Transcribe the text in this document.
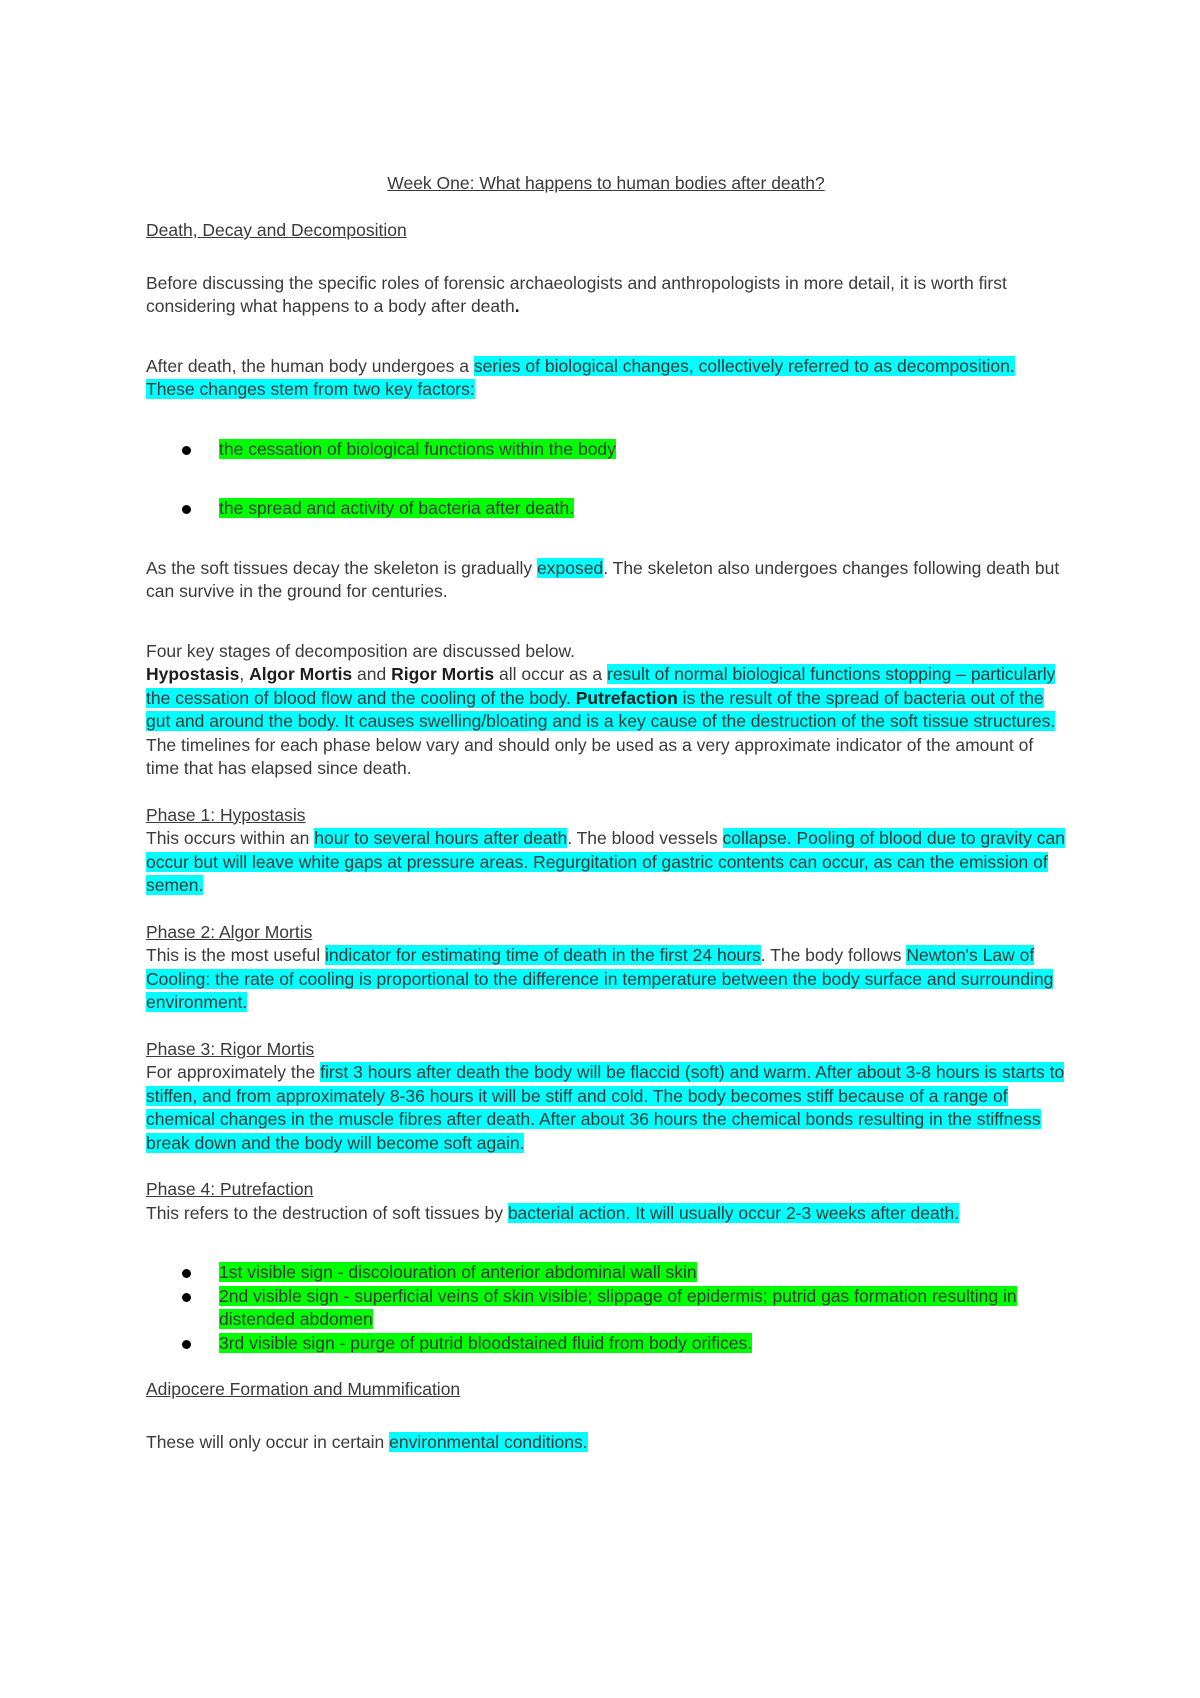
Week One: What happens to human bodies after death?

Death, Decay and Decomposition

Before discussing the specific roles of forensic archaeologists and anthropologists in more detail, it is worth first considering what happens to a body after death.

After death, the human body undergoes a series of biological changes, collectively referred to as decomposition. These changes stem from two key factors:

the cessation of biological functions within the body
the spread and activity of bacteria after death.

As the soft tissues decay the skeleton is gradually exposed. The skeleton also undergoes changes following death but can survive in the ground for centuries.

Four key stages of decomposition are discussed below.

Hypostasis, Algor Mortis and Rigor Mortis all occur as a result of normal biological functions stopping – particularly the cessation of blood flow and the cooling of the body. Putrefaction is the result of the spread of bacteria out of the gut and around the body. It causes swelling/bloating and is a key cause of the destruction of the soft tissue structures. The timelines for each phase below vary and should only be used as a very approximate indicator of the amount of time that has elapsed since death.

Phase 1: Hypostasis

This occurs within an hour to several hours after death. The blood vessels collapse. Pooling of blood due to gravity can occur but will leave white gaps at pressure areas. Regurgitation of gastric contents can occur, as can the emission of semen.

Phase 2: Algor Mortis

This is the most useful indicator for estimating time of death in the first 24 hours. The body follows Newton's Law of Cooling: the rate of cooling is proportional to the difference in temperature between the body surface and surrounding environment.

Phase 3: Rigor Mortis

For approximately the first 3 hours after death the body will be flaccid (soft) and warm. After about 3-8 hours is starts to stiffen, and from approximately 8-36 hours it will be stiff and cold. The body becomes stiff because of a range of chemical changes in the muscle fibres after death. After about 36 hours the chemical bonds resulting in the stiffness break down and the body will become soft again.

Phase 4: Putrefaction

This refers to the destruction of soft tissues by bacterial action. It will usually occur 2-3 weeks after death.

1st visible sign - discolouration of anterior abdominal wall skin
2nd visible sign - superficial veins of skin visible; slippage of epidermis; putrid gas formation resulting in distended abdomen
3rd visible sign - purge of putrid bloodstained fluid from body orifices.

Adipocere Formation and Mummification

These will only occur in certain environmental conditions.
